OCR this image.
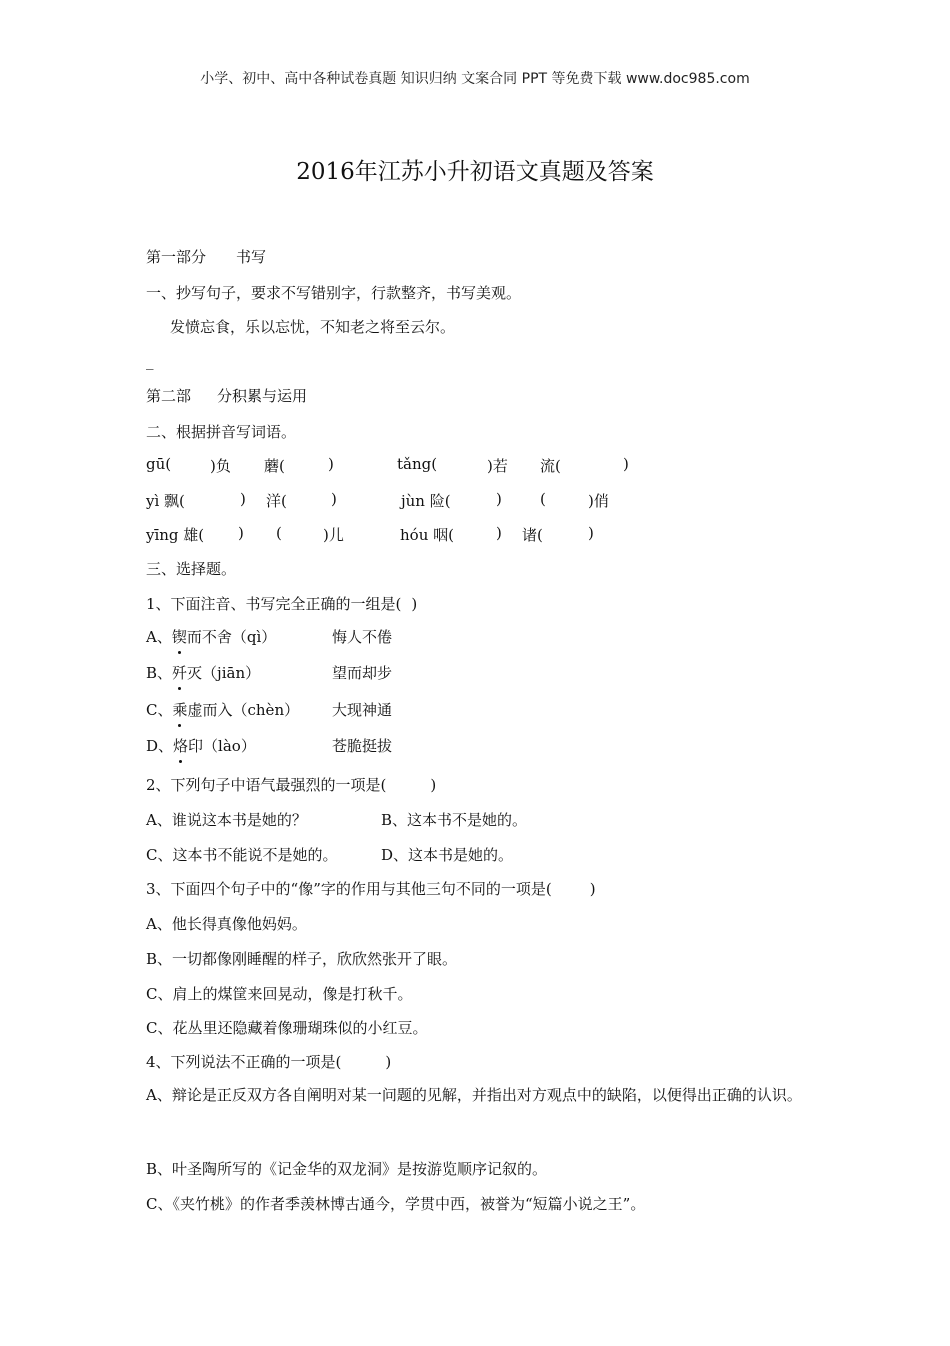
小学、初中、高中各种试卷真题 知识归纳 文案合同 PPT 等免费下载 www.doc985.com
2016年江苏小升初语文真题及答案
第一部分 书写
一、抄写句子，要求不写错别字，行款整齐，书写美观。
发愤忘食，乐以忘忧，不知老之将至云尔。
_
第二部 分积累与运用
二、根据拼音写词语。
gū(	)负 蘑(	)	tǎng(	)若 流(	)
yì 飘(	) 洋(	)	jùn 险(	)	(	)俏
yīng 雄( ) (	)儿	hóu 咽(	) 诸(	)
三、选择题。
1、下面注音、书写完全正确的一组是( )
A、锲而不舍（qì）	悔人不倦
B、歼灭（jiān）	望而却步
C、乘虚而入（chèn） 大现神通
D、烙印（lào）	苍脆挺拔
2、下列句子中语气最强烈的一项是(	)
A、谁说这本书是她的？	B、这本书不是她的。
C、这本书不能说不是她的。	D、这本书是她的。
3、下面四个句子中的“像”字的作用与其他三句不同的一项是(	)
A、他长得真像他妈妈。
B、一切都像刚睡醒的样子，欣欣然张开了眼。
C、肩上的煤筐来回晃动，像是打秋千。
C、花丛里还隐藏着像珊瑚珠似的小红豆。
4、下列说法不正确的一项是(	)
A、辩论是正反双方各自阐明对某一问题的见解，并指出对方观点中的缺陷，以便得出正确的认识。
B、叶圣陶所写的《记金华的双龙洞》是按游览顺序记叙的。
C、《夹竹桃》的作者季羡林博古通今，学贯中西，被誉为“短篇小说之王”。
